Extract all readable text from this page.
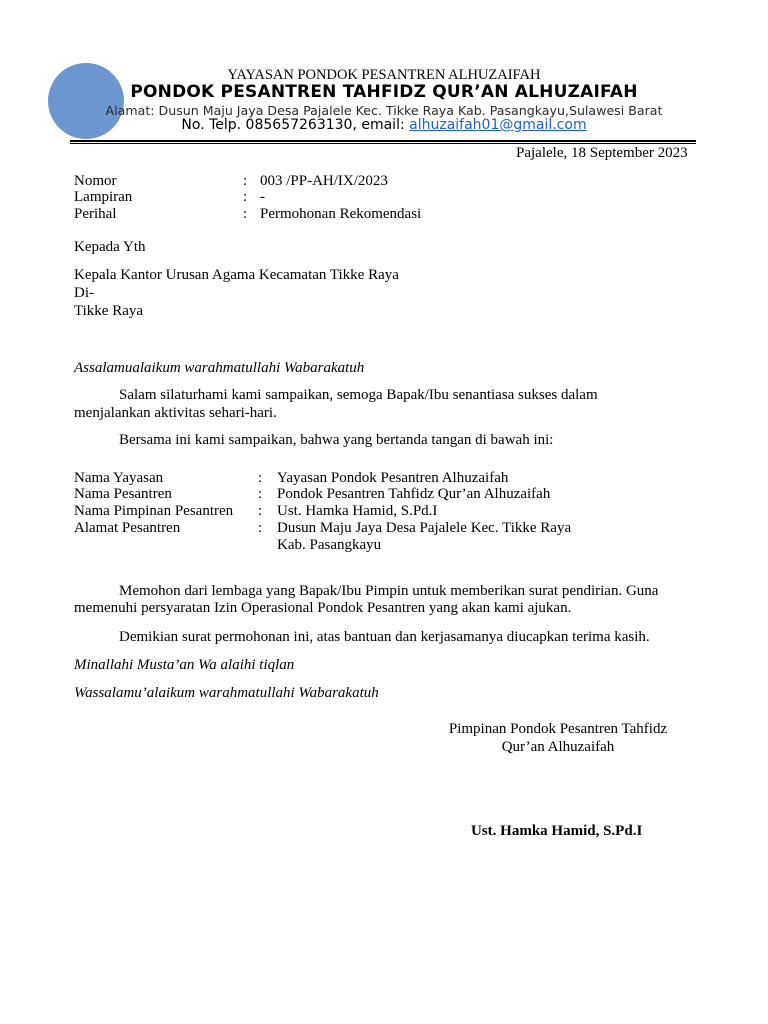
YAYASAN PONDOK PESANTREN ALHUZAIFAH
PONDOK PESANTREN TAHFIDZ QUR’AN ALHUZAIFAH
Alamat: Dusun Maju Jaya Desa Pajalele Kec. Tikke Raya Kab. Pasangkayu,Sulawesi Barat
No. Telp. 085657263130, email: alhuzaifah01@gmail.com
Pajalele, 18 September 2023
Nomor	: 003 /PP-AH/IX/2023
Lampiran	: -
Perihal	: Permohonan Rekomendasi
Kepada Yth
Kepala Kantor Urusan Agama Kecamatan Tikke Raya
Di-
Tikke Raya
Assalamualaikum warahmatullahi Wabarakatuh
Salam silaturhami kami sampaikan, semoga Bapak/Ibu senantiasa sukses dalam
menjalankan aktivitas sehari-hari.
Bersama ini kami sampaikan, bahwa yang bertanda tangan di bawah ini:
Nama Yayasan	: Yayasan Pondok Pesantren Alhuzaifah
Nama Pesantren	: Pondok Pesantren Tahfidz Qur’an Alhuzaifah
Nama Pimpinan Pesantren : Ust. Hamka Hamid, S.Pd.I
Alamat Pesantren	: Dusun Maju Jaya Desa Pajalele Kec. Tikke Raya
Kab. Pasangkayu
Memohon dari lembaga yang Bapak/Ibu Pimpin untuk memberikan surat pendirian. Guna
memenuhi persyaratan Izin Operasional Pondok Pesantren yang akan kami ajukan.
Demikian surat permohonan ini, atas bantuan dan kerjasamanya diucapkan terima kasih.
Minallahi Musta’an Wa alaihi tiqlan
Wassalamu’alaikum warahmatullahi Wabarakatuh
Pimpinan Pondok Pesantren Tahfidz
Qur’an Alhuzaifah
Ust. Hamka Hamid, S.Pd.I
